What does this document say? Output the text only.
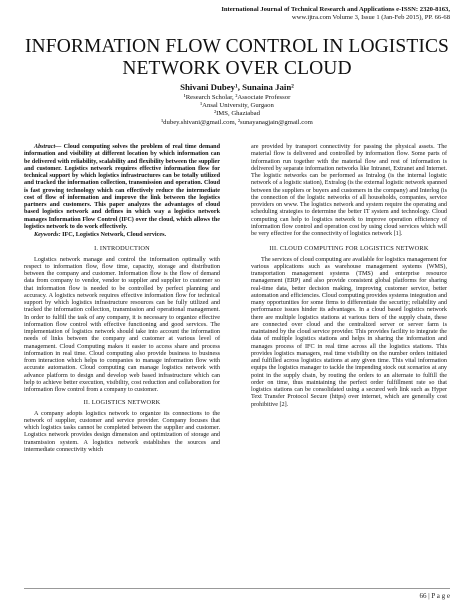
International Journal of Technical Research and Applications e-ISSN: 2320-8163,
www.ijtra.com Volume 3, Issue 1 (Jan-Feb 2015), PP. 66-68
INFORMATION FLOW CONTROL IN LOGISTICS
NETWORK OVER CLOUD
Shivani Dubey¹, Sunaina Jain²
¹Research Scholar, ²Associate Professor
¹Ansal University, Gurgaon
²IMS, Ghaziabad
¹dubey.shivani@gmail.com, ²sunayanagjain@gmail.com

Abstract— Cloud computing solves the problem of real time demand information and visibility at different location by which information can be delivered with reliability, scalability and flexibility between the supplier and customer. Logistics network requires effective information flow for technical support by which logistics infrastructures can be totally utilized and tracked the information collection, transmission and operation. Cloud is fast growing technology which can effectively reduce the intermediate cost of flow of information and improve the link between the logistics partners and customers. This paper analyzes the advantages of cloud based logistics network and defines in which way a logistics network manages Information Flow Control (IFC) over the cloud, which allows the logistics network to do work effectively.

Keywords: IFC, Logistics Network, Cloud services.

I. INTRODUCTION

Logistics network manage and control the information optimally with respect to information flow, flow time, capacity, storage and distribution between the company and customer. Information flow is the flow of demand data from company to vendor, vendor to supplier and supplier to customer so that information flow is needed to be controlled by perfect planning and accuracy. A logistics network requires effective information flow for technical support by which logistics infrastructure resources can be fully utilized and tracked the information collection, transmission and operational management. In order to fulfill the task of any company, it is necessary to organize effective information flow control with effective functioning and good services. The implementation of logistics network should take into account the information needs of links between the company and customer at various level of management. Cloud Computing makes it easier to access share and process information in real time. Cloud computing also provide business to business from interaction which helps to companies to manage information flow with accurate automation. Cloud computing can manage logistics network with advance platform to design and develop web based infrastructure which can help to achieve better execution, visibility, cost reduction and collaboration for information flow control from a company to customer.

II. LOGISTICS NETWORK

A company adopts logistics network to organize its connections to the network of supplier, customer and service provider. Company focuses that which logistics tasks cannot be completed between the supplier and customer. Logistics network provides design dimension and optimization of storage and transmission system. A logistics network establishes the sources and intermediate connectivity which

are provided by transport connectivity for passing the physical assets. The material flow is delivered and controlled by information flow. Some parts of information run together with the material flow and rest of information is delivered by separate information networks like Intranet, Extranet and Internet. The logistic networks can be performed as Intralog (is the internal logistic network of a logistic station), Extralog (is the external logistic network spanned between the suppliers or buyers and customers in the company) and Interlog (is the connection of the logistic networks of all households, companies, service providers on www. The logistics network and system require the operating and scheduling strategies to determine the better IT system and technology. Cloud computing can help to logistics network to improve operation efficiency of information flow control and operation cost by using cloud services which will be very effective for the connectivity of logistics network [1].

III. CLOUD COMPUTING FOR LOGISTICS NETWORK

The services of cloud computing are available for logistics management for various applications such as warehouse management systems (WMS), transportation management systems (TMS) and enterprise resource management (ERP) and also provide consistent global platforms for sharing real-time data, better decision making, improving customer service, better automation and efficiencies. Cloud computing provides systems integration and many opportunities for some firms to differentiate the security; reliability and performance issues hinder its advantages. In a cloud based logistics network there are multiple logistics stations at various tiers of the supply chain, these are connected over cloud and the centralized server or server farm is maintained by the cloud service provider. This provides facility to integrate the data of multiple logistics stations and helps in sharing the information and manages process of IFC in real time across all the logistics stations. This provides logistics managers, real time visibility on the number orders initiated and fulfilled across logistics stations at any given time. This vital information equips the logistics manager to tackle the impending stock out scenarios at any point in the supply chain, by routing the orders to an alternate to fulfill the order on time, thus maintaining the perfect order fulfillment rate so that logistics stations can be consolidated using a secured web link such as Hyper Text Transfer Protocol Secure (https) over internet, which are generally cost prohibitive [2].

66 | P a g e
